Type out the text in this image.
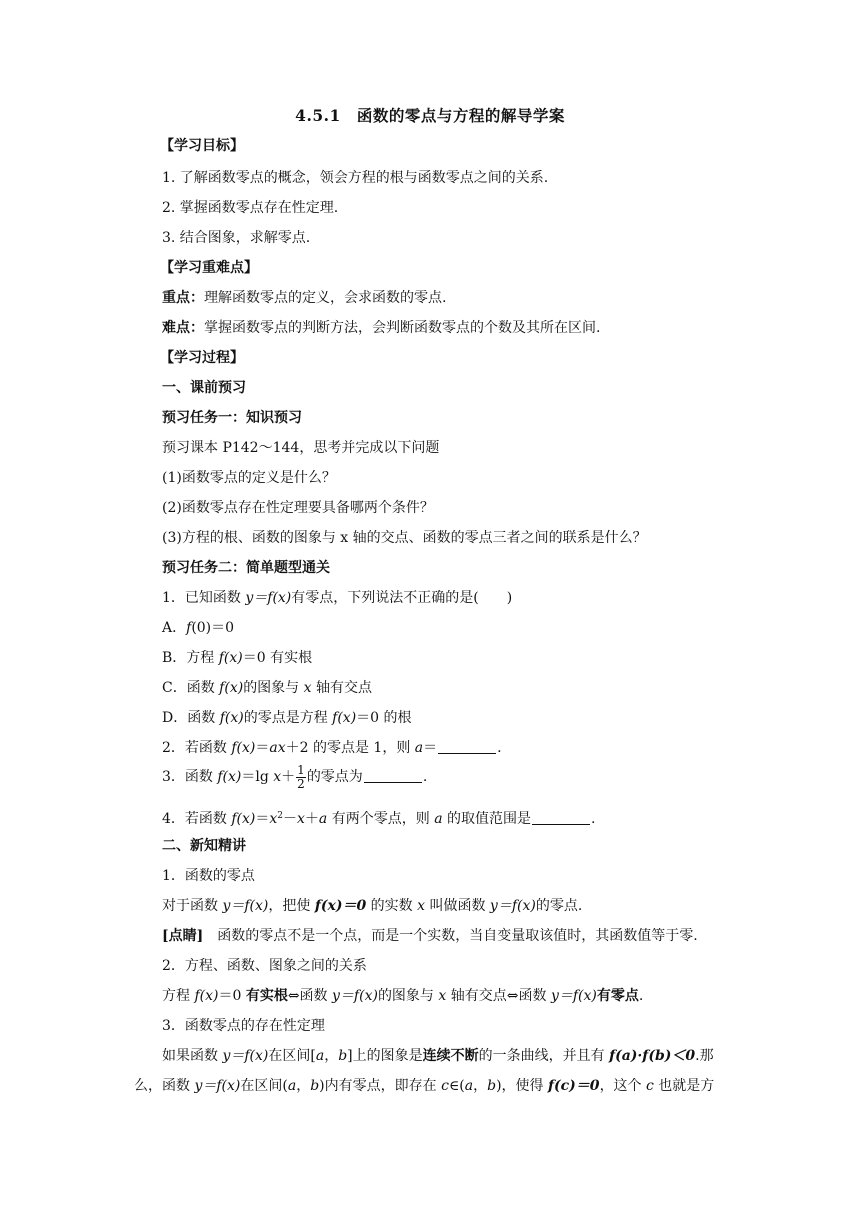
4.5.1　函数的零点与方程的解导学案
【学习目标】
1. 了解函数零点的概念，领会方程的根与函数零点之间的关系.
2. 掌握函数零点存在性定理.
3. 结合图象，求解零点.
【学习重难点】
重点：理解函数零点的定义，会求函数的零点.
难点：掌握函数零点的判断方法，会判断函数零点的个数及其所在区间.
【学习过程】
一、课前预习
预习任务一：知识预习
预习课本 P142～144，思考并完成以下问题
(1)函数零点的定义是什么？
(2)函数零点存在性定理要具备哪两个条件？
(3)方程的根、函数的图象与 x 轴的交点、函数的零点三者之间的联系是什么？
预习任务二：简单题型通关
1．已知函数 y＝f(x)有零点，下列说法不正确的是(　　)
A．f(0)＝0
B．方程 f(x)＝0 有实根
C．函数 f(x)的图象与 x 轴有交点
D．函数 f(x)的零点是方程 f(x)＝0 的根
2．若函数 f(x)＝ax＋2 的零点是 1，则 a＝	.
3．函数 f(x)＝lg $x+ \frac{1}{2}$ 的零点为	.
4．若函数 $f(x)=x^2-x+a$ 有两个零点，则 a 的取值范围是	.
二、新知精讲
1．函数的零点
对于函数 y＝f(x)，把使 f(x)＝0 的实数 x 叫做函数 y＝f(x)的零点.
[点睛]　函数的零点不是一个点，而是一个实数，当自变量取该值时，其函数值等于零.
2．方程、函数、图象之间的关系
方程 f(x)＝0 有实根⇔函数 y＝f(x)的图象与 x 轴有交点⇔函数 y＝f(x)有零点.
3．函数零点的存在性定理
　　如果函数 y＝f(x)在区间[a，b]上的图象是连续不断的一条曲线，并且有 f(a)·f(b)＜0.那
么，函数 y＝f(x)在区间(a，b)内有零点，即存在 c∈(a，b)，使得 f(c)＝0，这个 c 也就是方
